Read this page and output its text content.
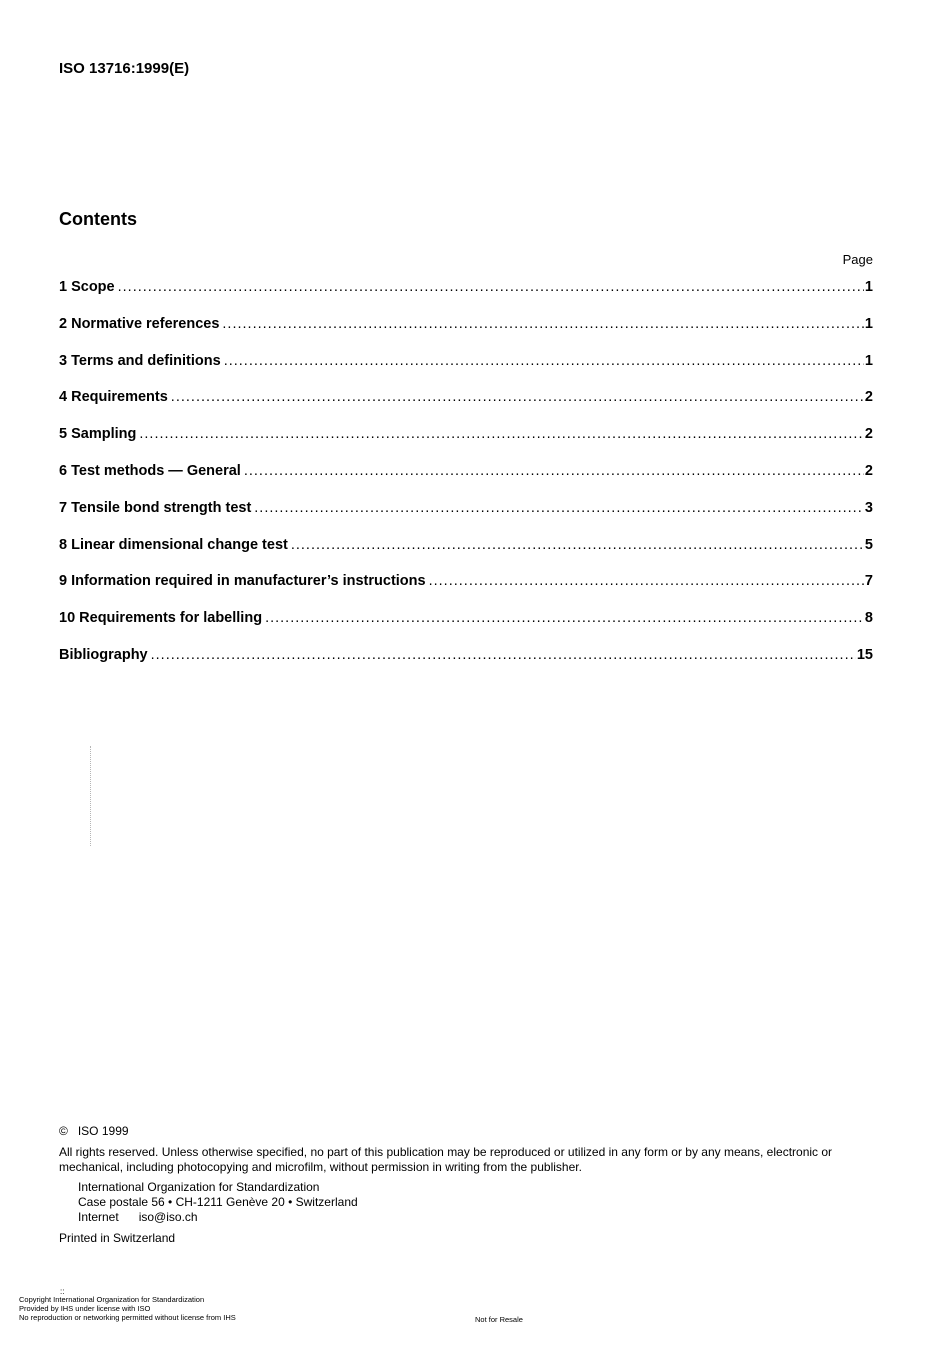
ISO 13716:1999(E)

Contents
Page
1 Scope .....	1
2 Normative references .....	1
3 Terms and definitions .....	1
4 Requirements .....	2
5 Sampling .....	2
6 Test methods — General .....	2
7 Tensile bond strength test .....	3
8 Linear dimensional change test .....	5
9 Information required in manufacturer’s instructions .....	7
10 Requirements for labelling .....	8
Bibliography .....	15
© ISO 1999

All rights reserved. Unless otherwise specified, no part of this publication may be reproduced or utilized in any form or by any means, electronic or mechanical, including photocopying and microfilm, without permission in writing from the publisher.

International Organization for Standardization
Case postale 56 • CH-1211 Genève 20 • Switzerland
Internet iso@iso.ch
Printed in Switzerland
::
Copyright International Organization for Standardization
Provided by IHS under license with ISO
No reproduction or networking permitted without license from IHS	Not for Resale
